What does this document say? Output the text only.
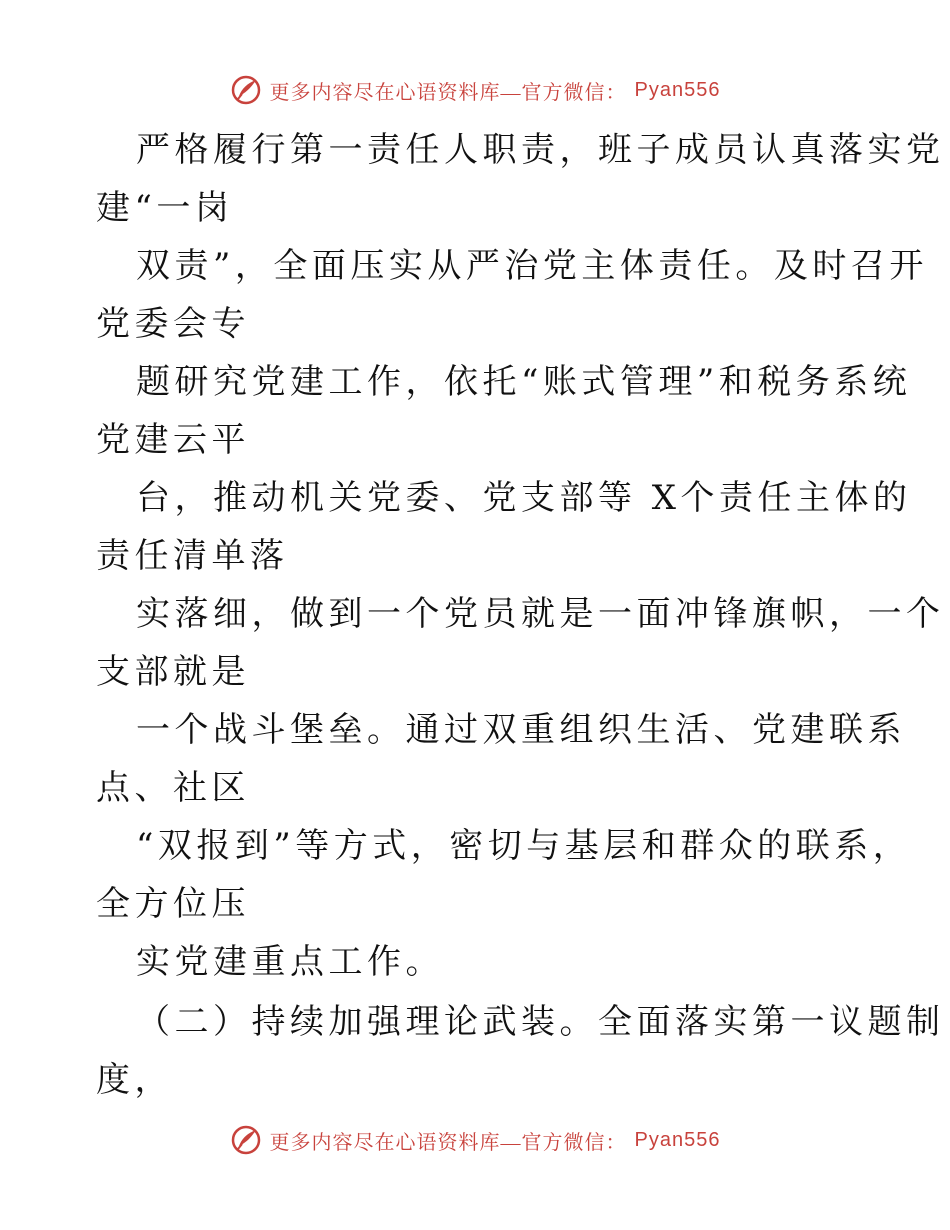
更多内容尽在心语资料库—官方微信： Pyan556
严格履行第一责任人职责，班子成员认真落实党
建“一岗
双责”，全面压实从严治党主体责任。及时召开
党委会专
题研究党建工作，依托“账式管理”和税务系统
党建云平
台，推动机关党委、党支部等 X个责任主体的
责任清单落
实落细，做到一个党员就是一面冲锋旗帜，一个
支部就是
一个战斗堡垒。通过双重组织生活、党建联系
点、社区
“双报到”等方式，密切与基层和群众的联系，
全方位压
实党建重点工作。
（二）持续加强理论武装。全面落实第一议题制
度，
更多内容尽在心语资料库—官方微信： Pyan556
